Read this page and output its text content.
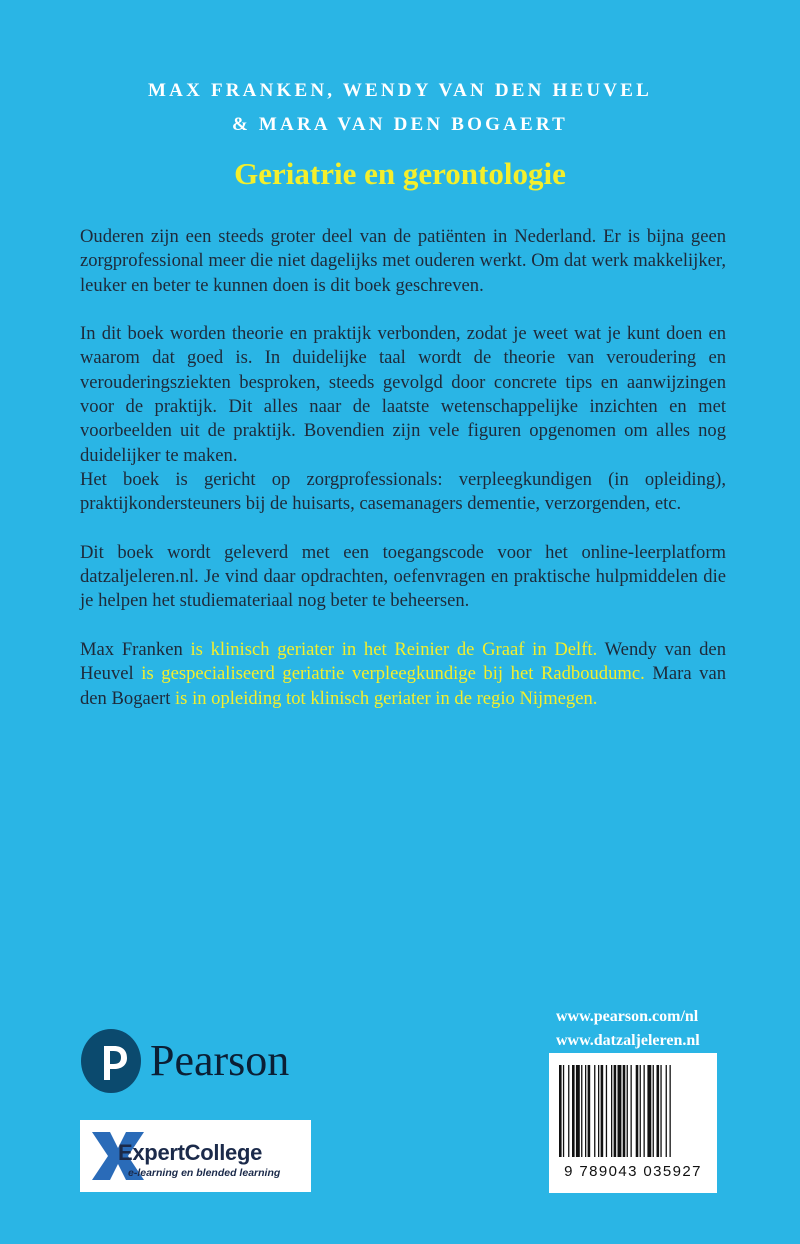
MAX FRANKEN, WENDY VAN DEN HEUVEL
& MARA VAN DEN BOGAERT
Geriatrie en gerontologie

Ouderen zijn een steeds groter deel van de patiënten in Nederland. Er is bijna geen zorgprofessional meer die niet dagelijks met ouderen werkt. Om dat werk makkelijker, leuker en beter te kunnen doen is dit boek geschreven.

In dit boek worden theorie en praktijk verbonden, zodat je weet wat je kunt doen en waarom dat goed is. In duidelijke taal wordt de theorie van veroudering en verouderingsziekten besproken, steeds gevolgd door concrete tips en aanwijzingen voor de praktijk. Dit alles naar de laatste wetenschappelijke inzichten en met voorbeelden uit de praktijk. Bovendien zijn vele figuren opgenomen om alles nog duidelijker te maken.

Het boek is gericht op zorgprofessionals: verpleegkundigen (in opleiding), praktijkondersteuners bij de huisarts, casemanagers dementie, verzorgenden, etc.

Dit boek wordt geleverd met een toegangscode voor het online-leerplatform datzaljeleren.nl. Je vind daar opdrachten, oefenvragen en praktische hulpmiddelen die je helpen het studiemateriaal nog beter te beheersen.

Max Franken is klinisch geriater in het Reinier de Graaf in Delft. Wendy van den Heuvel is gespecialiseerd geriatrie verpleegkundige bij het Radboudumc. Mara van den Bogaert is in opleiding tot klinisch geriater in de regio Nijmegen.

www.pearson.com/nl
www.datzaljeleren.nl
Pearson
ExpertCollege
e-learning en blended learning	9 789043 035927
